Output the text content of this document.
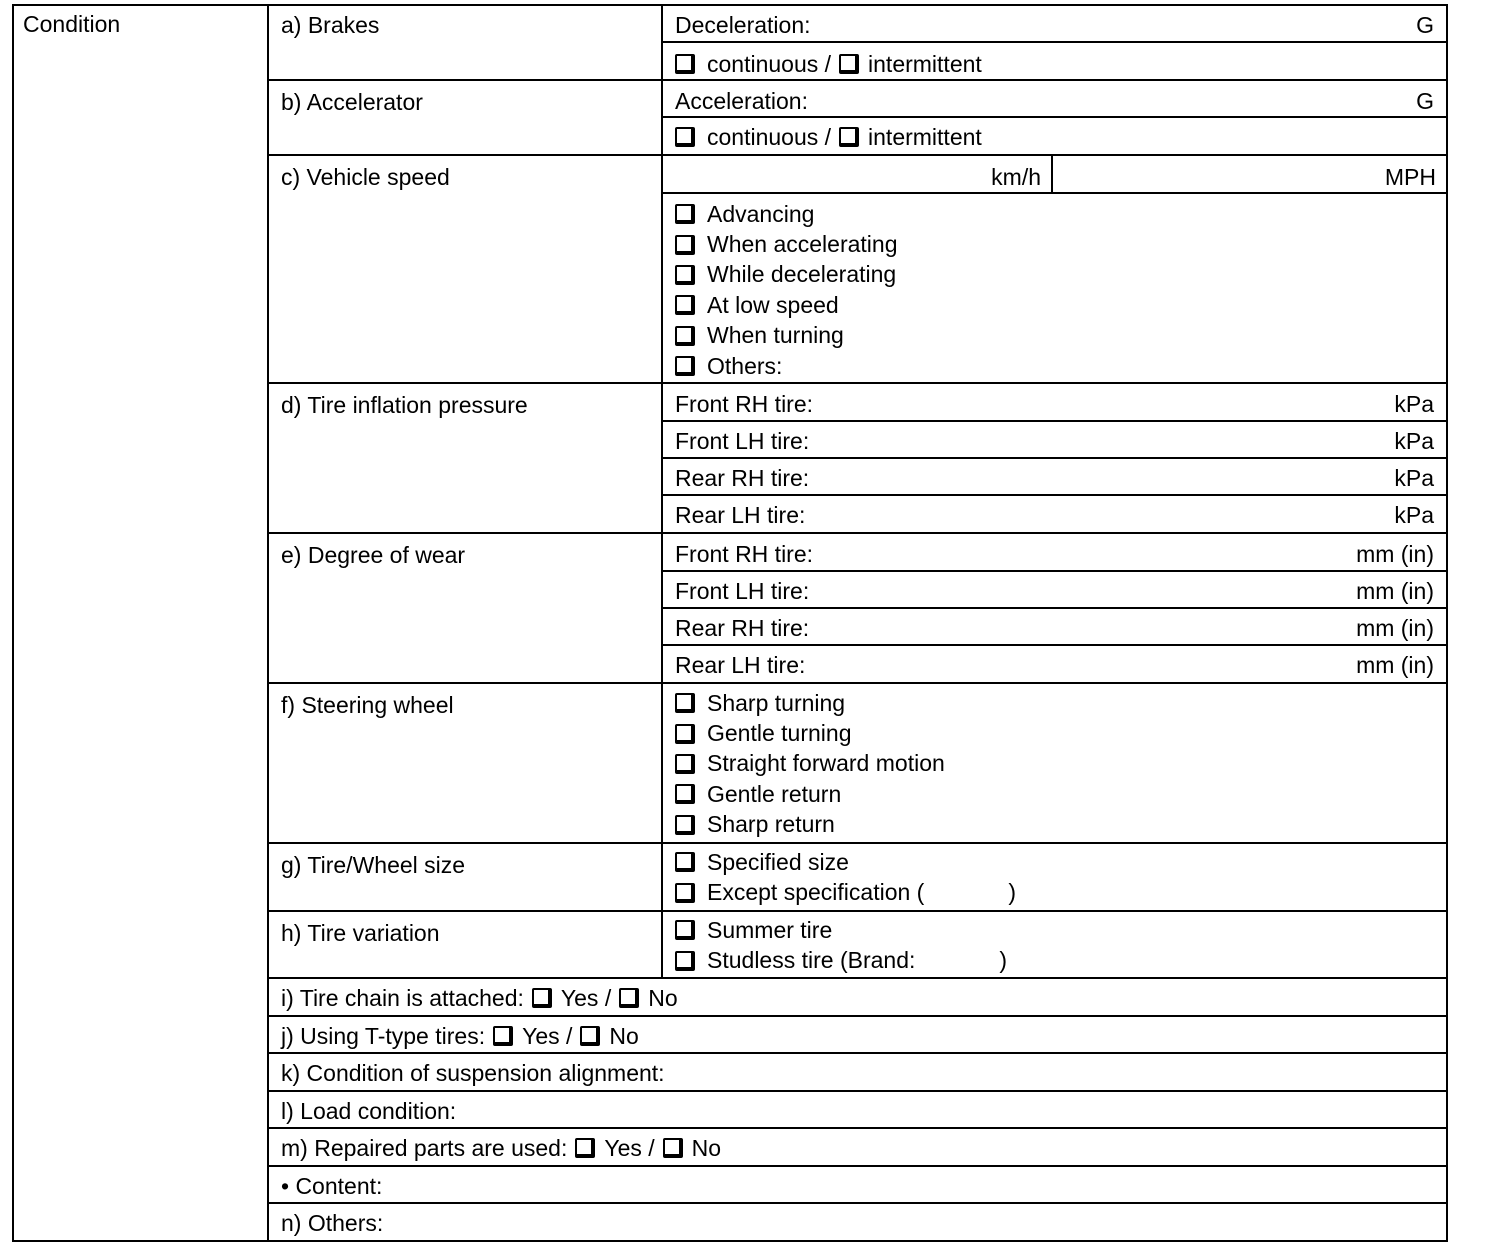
Condition	a) Brakes	Deceleration:	G
continuous / intermittent
b) Accelerator	Acceleration:	G
continuous / intermittent
c) Vehicle speed	km/h	MPH
Advancing
When accelerating
While decelerating
At low speed
When turning
Others:
d) Tire inflation pressure	Front RH tire:	kPa
Front LH tire:	kPa
Rear RH tire:	kPa
Rear LH tire:	kPa
e) Degree of wear	Front RH tire:	mm (in)
Front LH tire:	mm (in)
Rear RH tire:	mm (in)
Rear LH tire:	mm (in)
f) Steering wheel	Sharp turning
Gentle turning
Straight forward motion
Gentle return
Sharp return
g) Tire/Wheel size	Specified size
Except specification (	)
h) Tire variation	Summer tire
Studless tire (Brand:	)
i) Tire chain is attached: Yes / No
j) Using T-type tires: Yes / No
k) Condition of suspension alignment:
l) Load condition:
m) Repaired parts are used: Yes / No
• Content:
n) Others:
